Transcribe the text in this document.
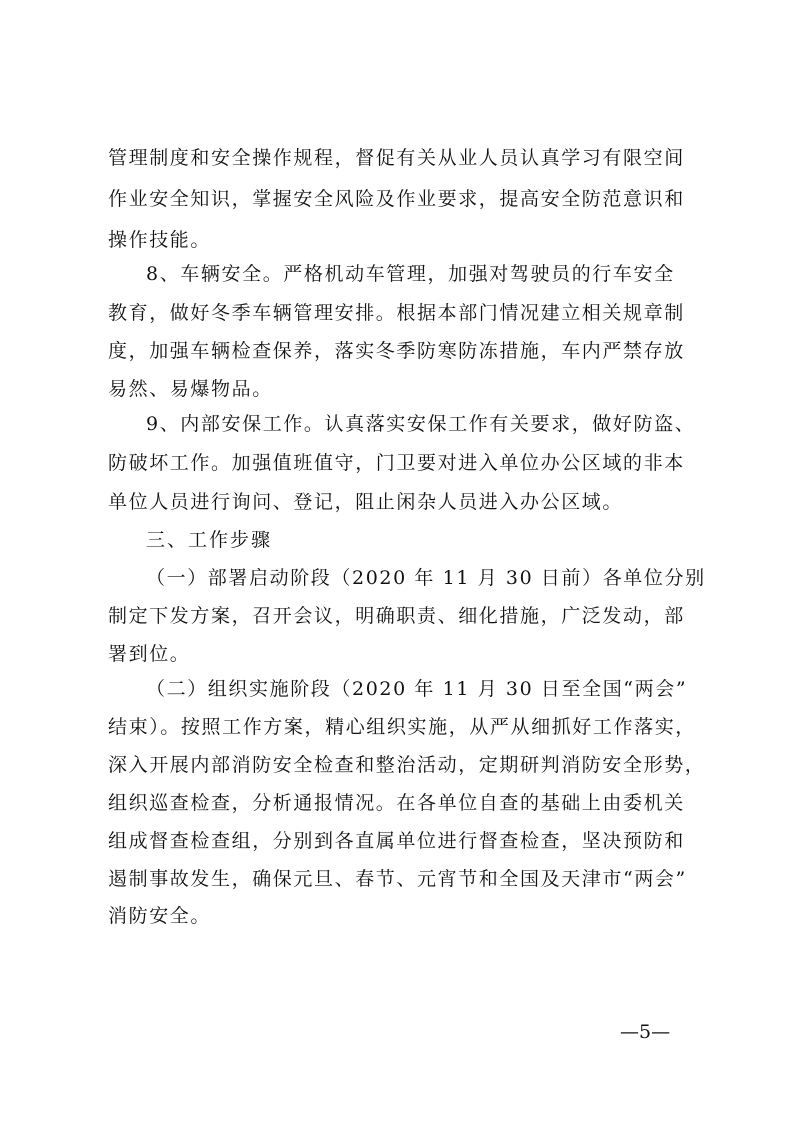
管理制度和安全操作规程，督促有关从业人员认真学习有限空间
作业安全知识，掌握安全风险及作业要求，提高安全防范意识和
操作技能。
8、车辆安全。严格机动车管理，加强对驾驶员的行车安全
教育，做好冬季车辆管理安排。根据本部门情况建立相关规章制
度，加强车辆检查保养，落实冬季防寒防冻措施，车内严禁存放
易然、易爆物品。
9、内部安保工作。认真落实安保工作有关要求，做好防盗、
防破坏工作。加强值班值守，门卫要对进入单位办公区域的非本
单位人员进行询问、登记，阻止闲杂人员进入办公区域。
三、工作步骤
（一）部署启动阶段（2020 年 11 月 30 日前）各单位分别
制定下发方案，召开会议，明确职责、细化措施，广泛发动，部
署到位。
（二）组织实施阶段（2020 年 11 月 30 日至全国“两会”
结束）。按照工作方案，精心组织实施，从严从细抓好工作落实，
深入开展内部消防安全检查和整治活动，定期研判消防安全形势，
组织巡查检查，分析通报情况。在各单位自查的基础上由委机关
组成督查检查组，分别到各直属单位进行督查检查，坚决预防和
遏制事故发生，确保元旦、春节、元宵节和全国及天津市“两会”
消防安全。
—5—
